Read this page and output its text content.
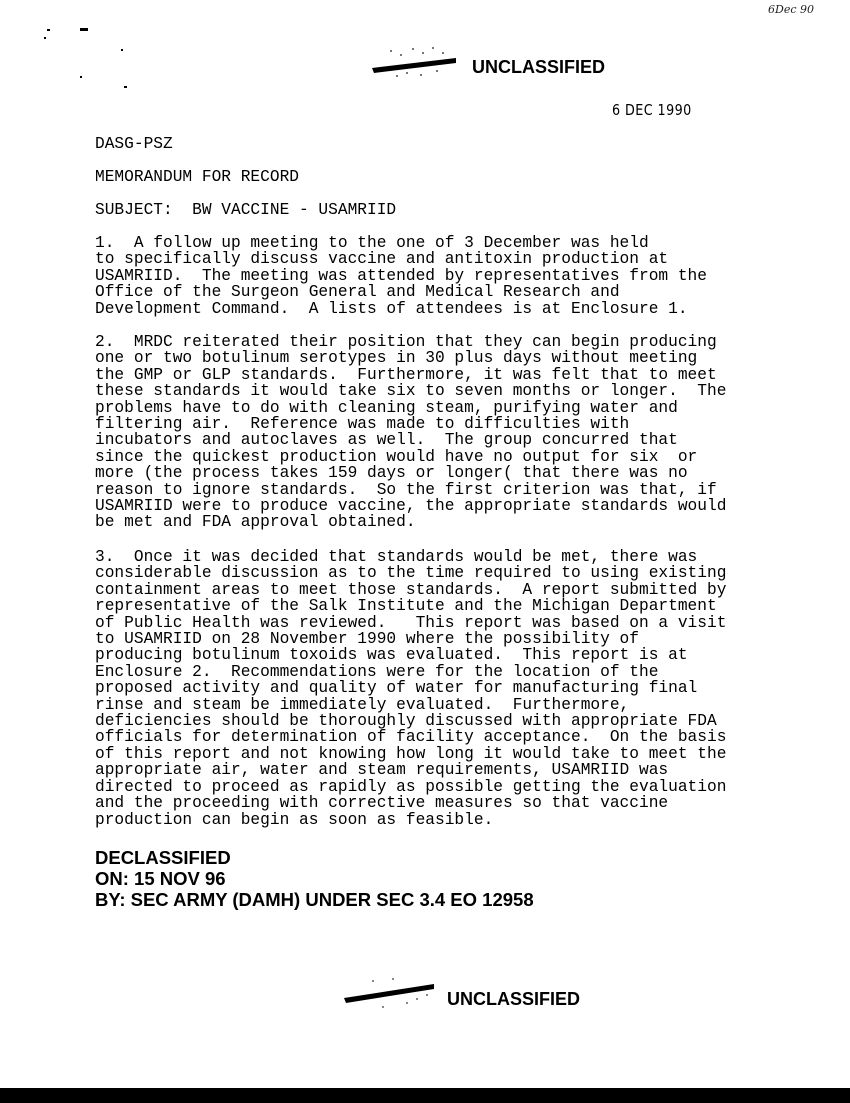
6Dec 90
UNCLASSIFIED
6 DEC 1990
DASG-PSZ
MEMORANDUM FOR RECORD
SUBJECT:  BW VACCINE - USAMRIID
1.  A follow up meeting to the one of 3 December was held
to specifically discuss vaccine and antitoxin production at
USAMRIID.  The meeting was attended by representatives from the
Office of the Surgeon General and Medical Research and
Development Command.  A lists of attendees is at Enclosure 1.
2.  MRDC reiterated their position that they can begin producing
one or two botulinum serotypes in 30 plus days without meeting
the GMP or GLP standards.  Furthermore, it was felt that to meet
these standards it would take six to seven months or longer.  The
problems have to do with cleaning steam, purifying water and
filtering air.  Reference was made to difficulties with
incubators and autoclaves as well.  The group concurred that
since the quickest production would have no output for six  or
more (the process takes 159 days or longer( that there was no
reason to ignore standards.  So the first criterion was that, if
USAMRIID were to produce vaccine, the appropriate standards would
be met and FDA approval obtained.
3.  Once it was decided that standards would be met, there was
considerable discussion as to the time required to using existing
containment areas to meet those standards.  A report submitted by
representative of the Salk Institute and the Michigan Department
of Public Health was reviewed.   This report was based on a visit
to USAMRIID on 28 November 1990 where the possibility of
producing botulinum toxoids was evaluated.  This report is at
Enclosure 2.  Recommendations were for the location of the
proposed activity and quality of water for manufacturing final
rinse and steam be immediately evaluated.  Furthermore,
deficiencies should be thoroughly discussed with appropriate FDA
officials for determination of facility acceptance.  On the basis
of this report and not knowing how long it would take to meet the
appropriate air, water and steam requirements, USAMRIID was
directed to proceed as rapidly as possible getting the evaluation
and the proceeding with corrective measures so that vaccine
production can begin as soon as feasible.
DECLASSIFIED
ON: 15 NOV 96
BY: SEC ARMY (DAMH) UNDER SEC 3.4 EO 12958
UNCLASSIFIED
